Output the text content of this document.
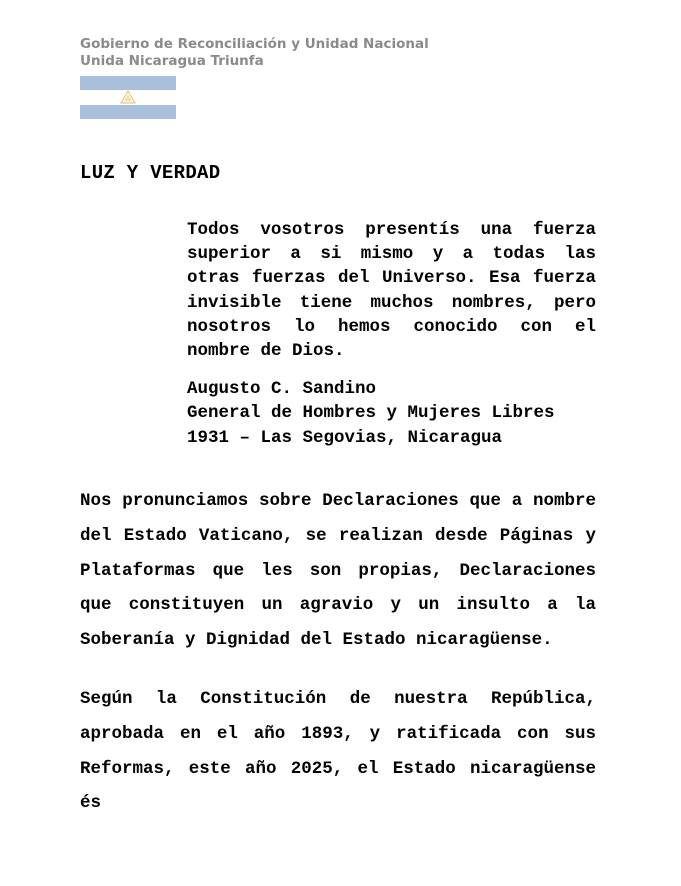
Gobierno de Reconciliación y Unidad Nacional
Unida Nicaragua Triunfa
LUZ Y VERDAD

Todos vosotros presentís una fuerza superior a si mismo y a todas las otras fuerzas del Universo. Esa fuerza invisible tiene muchos nombres, pero nosotros lo hemos conocido con el nombre de Dios.

Augusto C. Sandino
General de Hombres y Mujeres Libres
1931 – Las Segovias, Nicaragua

Nos pronunciamos sobre Declaraciones que a nombre del Estado Vaticano, se realizan desde Páginas y Plataformas que les son propias, Declaraciones que constituyen un agravio y un insulto a la Soberanía y Dignidad del Estado nicaragüense.

Según la Constitución de nuestra República, aprobada en el año 1893, y ratificada con sus Reformas, este año 2025, el Estado nicaragüense és
